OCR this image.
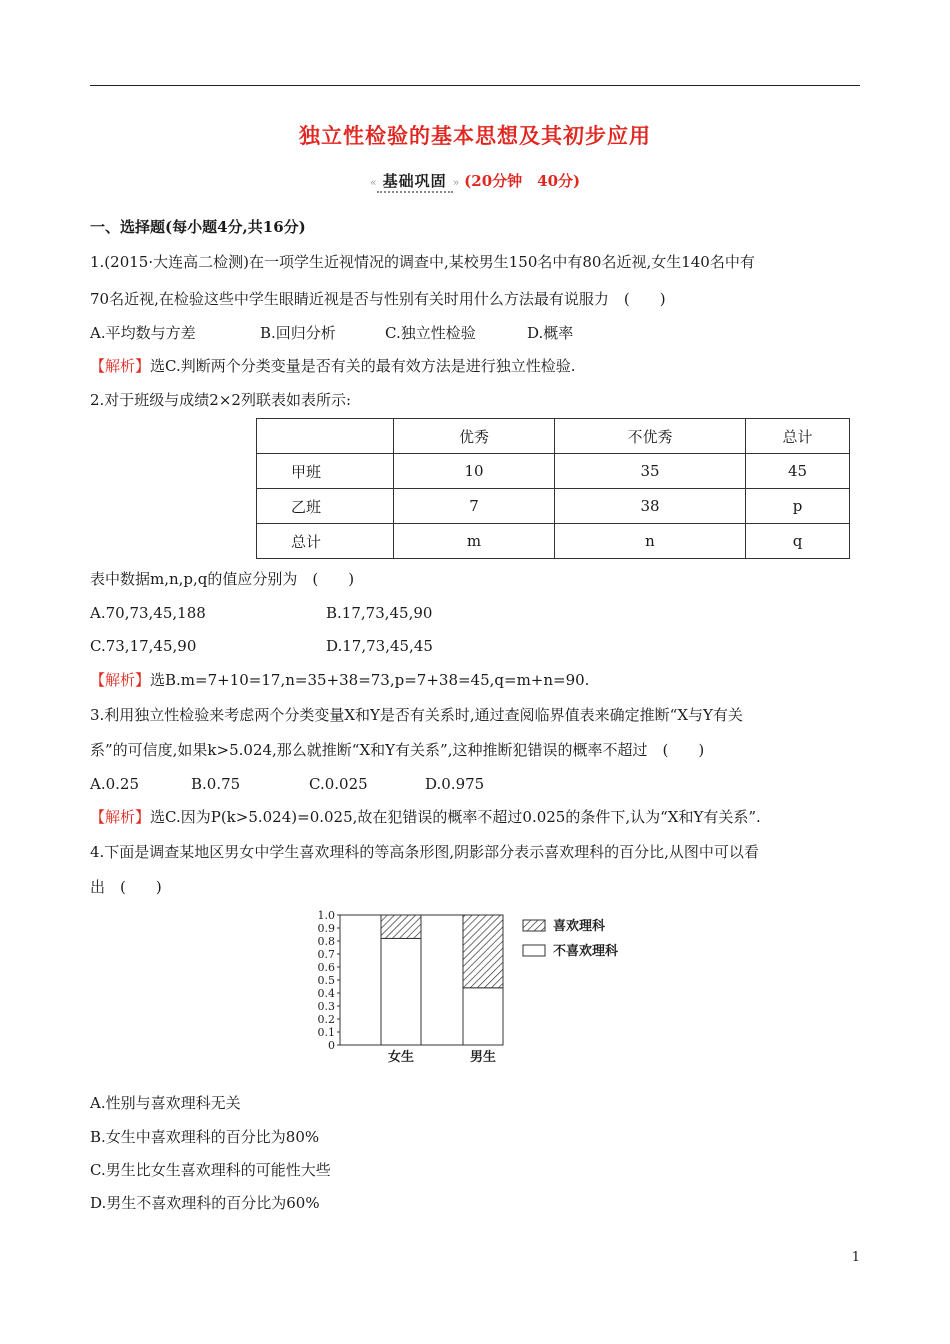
独立性检验的基本思想及其初步应用
« 基础巩固 » (20分钟　40分)
一、选择题(每小题4分,共16分)
1.(2015·大连高二检测)在一项学生近视情况的调查中,某校男生150名中有80名近视,女生140名中有
70名近视,在检验这些中学生眼睛近视是否与性别有关时用什么方法最有说服力　(　　)
A.平均数与方差	B.回归分析	C.独立性检验	D.概率
【解析】选C.判断两个分类变量是否有关的最有效方法是进行独立性检验.
2.对于班级与成绩2×2列联表如表所示:
	优秀	不优秀	总计
甲班	10	35	45
乙班	7	38	p
总计	m	n	q
表中数据m,n,p,q的值应分别为　(　　)
A.70,73,45,188	B.17,73,45,90
C.73,17,45,90	D.17,73,45,45
【解析】选B.m=7+10=17,n=35+38=73,p=7+38=45,q=m+n=90.
3.利用独立性检验来考虑两个分类变量X和Y是否有关系时,通过查阅临界值表来确定推断“X与Y有关
系”的可信度,如果k>5.024,那么就推断“X和Y有关系”,这种推断犯错误的概率不超过　(　　)
A.0.25	B.0.75	C.0.025	D.0.975
【解析】选C.因为P(k>5.024)=0.025,故在犯错误的概率不超过0.025的条件下,认为“X和Y有关系”.
4.下面是调查某地区男女中学生喜欢理科的等高条形图,阴影部分表示喜欢理科的百分比,从图中可以看
出　(　　)
0
0.1
0.2
0.3
0.4
0.5
0.6
0.7
0.8
0.9
1.0
女生	男生
喜欢理科
不喜欢理科
A.性别与喜欢理科无关
B.女生中喜欢理科的百分比为80%
C.男生比女生喜欢理科的可能性大些
D.男生不喜欢理科的百分比为60%
1
